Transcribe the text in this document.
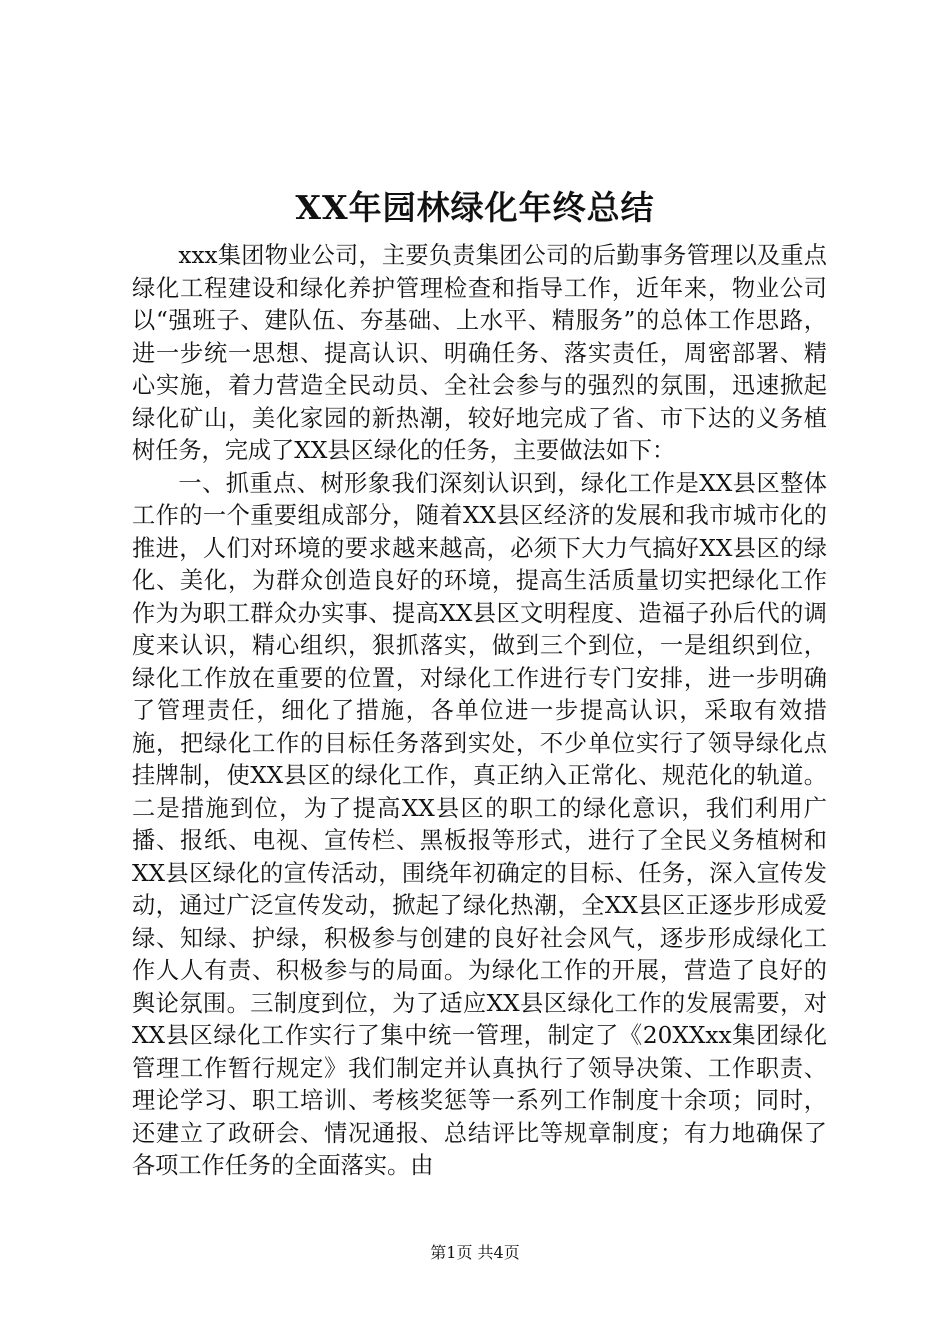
XX年园林绿化年终总结

xxx集团物业公司，主要负责集团公司的后勤事务管理以及重点绿化工程建设和绿化养护管理检查和指导工作，近年来，物业公司以“强班子、建队伍、夯基础、上水平、精服务”的总体工作思路，进一步统一思想、提高认识、明确任务、落实责任，周密部署、精心实施，着力营造全民动员、全社会参与的强烈的氛围，迅速掀起绿化矿山，美化家园的新热潮，较好地完成了省、市下达的义务植树任务，完成了XX县区绿化的任务，主要做法如下：

一、抓重点、树形象我们深刻认识到，绿化工作是XX县区整体工作的一个重要组成部分，随着XX县区经济的发展和我市城市化的推进，人们对环境的要求越来越高，必须下大力气搞好XX县区的绿化、美化，为群众创造良好的环境，提高生活质量切实把绿化工作作为为职工群众办实事、提高XX县区文明程度、造福子孙后代的调度来认识，精心组织，狠抓落实，做到三个到位，一是组织到位，绿化工作放在重要的位置，对绿化工作进行专门安排，进一步明确了管理责任，细化了措施，各单位进一步提高认识，采取有效措施，把绿化工作的目标任务落到实处，不少单位实行了领导绿化点挂牌制，使XX县区的绿化工作，真正纳入正常化、规范化的轨道。二是措施到位，为了提高XX县区的职工的绿化意识，我们利用广播、报纸、电视、宣传栏、黑板报等形式，进行了全民义务植树和XX县区绿化的宣传活动，围绕年初确定的目标、任务，深入宣传发动，通过广泛宣传发动，掀起了绿化热潮，全XX县区正逐步形成爱绿、知绿、护绿，积极参与创建的良好社会风气，逐步形成绿化工作人人有责、积极参与的局面。为绿化工作的开展，营造了良好的舆论氛围。三制度到位，为了适应XX县区绿化工作的发展需要，对XX县区绿化工作实行了集中统一管理，制定了《20XXxx集团绿化管理工作暂行规定》我们制定并认真执行了领导决策、工作职责、理论学习、职工培训、考核奖惩等一系列工作制度十余项；同时，还建立了政研会、情况通报、总结评比等规章制度；有力地确保了各项工作任务的全面落实。由

第1页 共4页
